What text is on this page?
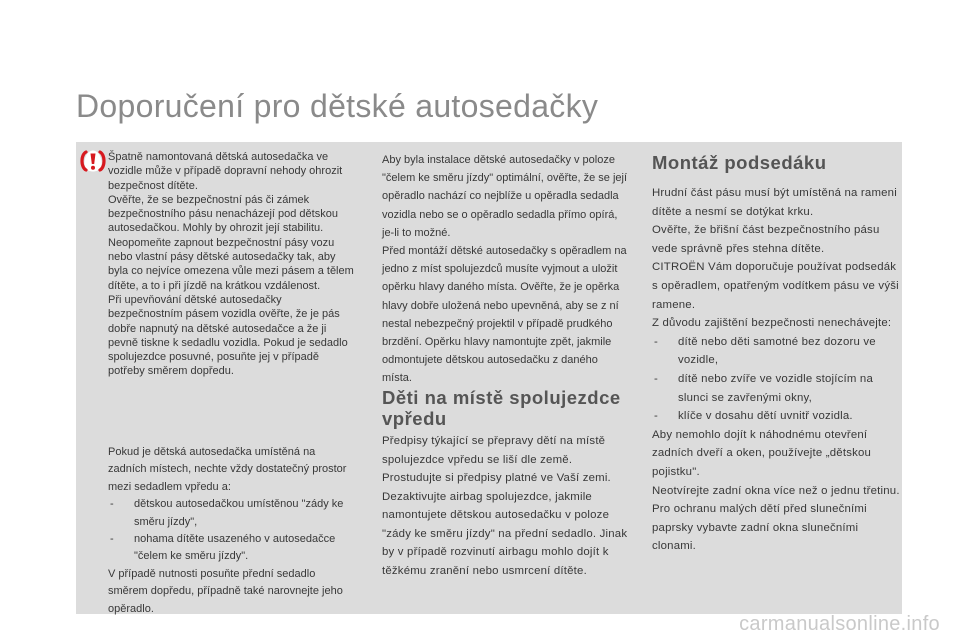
Doporučení pro dětské autosedačky

Špatně namontovaná dětská autosedačka ve vozidle může v případě dopravní nehody ohrozit bezpečnost dítěte.

Ověřte, že se bezpečnostní pás či zámek bezpečnostního pásu nenacházejí pod dětskou autosedačkou. Mohly by ohrozit její stabilitu.

Neopomeňte zapnout bezpečnostní pásy vozu nebo vlastní pásy dětské autosedačky tak, aby byla co nejvíce omezena vůle mezi pásem a tělem dítěte, a to i při jízdě na krátkou vzdálenost.

Při upevňování dětské autosedačky bezpečnostním pásem vozidla ověřte, že je pás dobře napnutý na dětské autosedačce a že ji pevně tiskne k sedadlu vozidla. Pokud je sedadlo spolujezdce posuvné, posuňte jej v případě potřeby směrem dopředu.

Pokud je dětská autosedačka umístěná na zadních místech, nechte vždy dostatečný prostor mezi sedadlem vpředu a:

- dětskou autosedačkou umístěnou "zády ke směru jízdy",
- nohama dítěte usazeného v autosedačce "čelem ke směru jízdy".

V případě nutnosti posuňte přední sedadlo směrem dopředu, případně také narovnejte jeho opěradlo.

Aby byla instalace dětské autosedačky v poloze "čelem ke směru jízdy" optimální, ověřte, že se její opěradlo nachází co nejblíže u opěradla sedadla vozidla nebo se o opěradlo sedadla přímo opírá, je-li to možné.

Před montáží dětské autosedačky s opěradlem na jedno z míst spolujezdců musíte vyjmout a uložit opěrku hlavy daného místa. Ověřte, že je opěrka hlavy dobře uložená nebo upevněná, aby se z ní nestal nebezpečný projektil v případě prudkého brzdění. Opěrku hlavy namontujte zpět, jakmile odmontujete dětskou autosedačku z daného místa.

Děti na místě spolujezdce vpředu

Předpisy týkající se přepravy dětí na místě spolujezdce vpředu se liší dle země. Prostudujte si předpisy platné ve Vaší zemi.

Dezaktivujte airbag spolujezdce, jakmile namontujete dětskou autosedačku v poloze "zády ke směru jízdy" na přední sedadlo. Jinak by v případě rozvinutí airbagu mohlo dojít k těžkému zranění nebo usmrcení dítěte.

Montáž podsedáku

Hrudní část pásu musí být umístěná na rameni dítěte a nesmí se dotýkat krku.

Ověřte, že břišní část bezpečnostního pásu vede správně přes stehna dítěte.

CITROËN Vám doporučuje používat podsedák s opěradlem, opatřeným vodítkem pásu ve výši ramene.

Z důvodu zajištění bezpečnosti nenechávejte:

- dítě nebo děti samotné bez dozoru ve vozidle,
- dítě nebo zvíře ve vozidle stojícím na slunci se zavřenými okny,
- klíče v dosahu dětí uvnitř vozidla.

Aby nemohlo dojít k náhodnému otevření zadních dveří a oken, používejte „dětskou pojistku".

Neotvírejte zadní okna více než o jednu třetinu.

Pro ochranu malých dětí před slunečními paprsky vybavte zadní okna slunečními clonami.

carmanualsonline.info
